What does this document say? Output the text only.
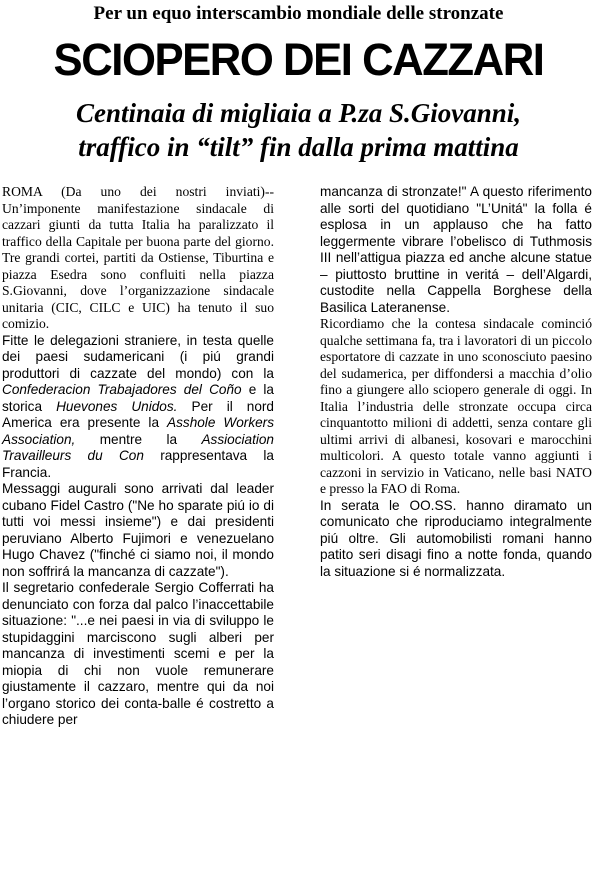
Per un equo interscambio mondiale delle stronzate
SCIOPERO DEI CAZZARI
Centinaia di migliaia a P.za S.Giovanni,
traffico in “tilt” fin dalla prima mattina

ROMA (Da uno dei nostri inviati)-- Un’imponente manifestazione sindacale di cazzari giunti da tutta Italia ha paralizzato il traffico della Capitale per buona parte del giorno. Tre grandi cortei, partiti da Ostiense, Tiburtina e piazza Esedra sono confluiti nella piazza S.Giovanni, dove l’organizzazione sindacale unitaria (CIC, CILC e UIC) ha tenuto il suo comizio.

Fitte le delegazioni straniere, in testa quelle dei paesi sudamericani (i piú grandi produttori di cazzate del mondo) con la Confederacion Trabajadores del Coño e la storica Huevones Unidos. Per il nord America era presente la Asshole Workers Association, mentre la Assiociation Travailleurs du Con rappresentava la Francia.

Messaggi augurali sono arrivati dal leader cubano Fidel Castro ("Ne ho sparate piú io di tutti voi messi insieme") e dai presidenti peruviano Alberto Fujimori e venezuelano Hugo Chavez ("finché ci siamo noi, il mondo non soffrirá la mancanza di cazzate").

Il segretario confederale Sergio Cofferrati ha denunciato con forza dal palco l’inaccettabile situazione: "...e nei paesi in via di sviluppo le stupidaggini marciscono sugli alberi per mancanza di investimenti scemi e per la miopia di chi non vuole remunerare giustamente il cazzaro, mentre qui da noi l’organo storico dei conta-balle é costretto a chiudere per

mancanza di stronzate!" A questo riferimento alle sorti del quotidiano "L’Unitá" la folla é esplosa in un applauso che ha fatto leggermente vibrare l’obelisco di Tuthmosis III nell’attigua piazza ed anche alcune statue – piuttosto bruttine in veritá – dell’Algardi, custodite nella Cappella Borghese della Basilica Lateranense.

Ricordiamo che la contesa sindacale cominció qualche settimana fa, tra i lavoratori di un piccolo esportatore di cazzate in uno sconosciuto paesino del sudamerica, per diffondersi a macchia d’olio fino a giungere allo sciopero generale di oggi. In Italia l’industria delle stronzate occupa circa cinquantotto milioni di addetti, senza contare gli ultimi arrivi di albanesi, kosovari e marocchini multicolori. A questo totale vanno aggiunti i cazzoni in servizio in Vaticano, nelle basi NATO e presso la FAO di Roma.

In serata le OO.SS. hanno diramato un comunicato che riproduciamo integralmente piú oltre. Gli automobilisti romani hanno patito seri disagi fino a notte fonda, quando la situazione si é normalizzata.
